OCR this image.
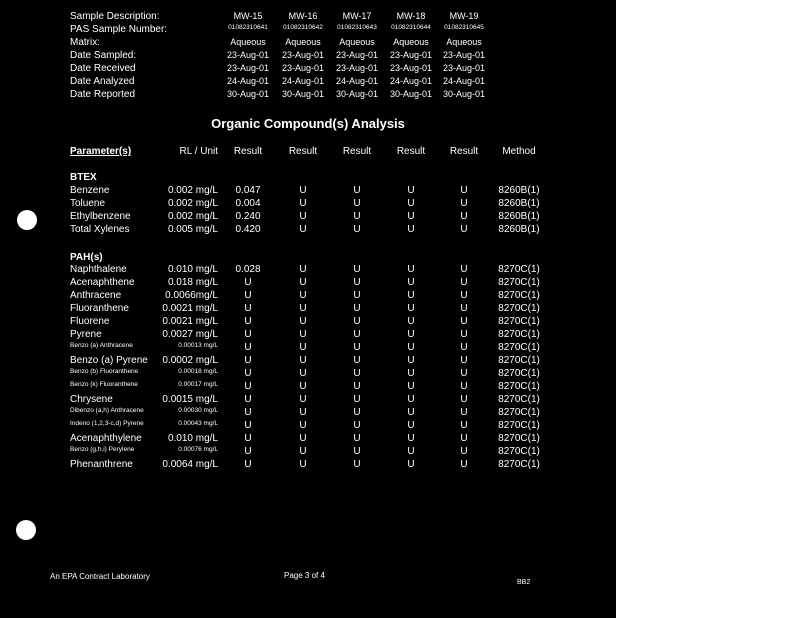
Sample Description:	MW-15	MW-16	MW-17	MW-18	MW-19
PAS Sample Number:	01082310641	01082310642	01082310643	01082310644	01082310645
Matrix:	Aqueous	Aqueous	Aqueous	Aqueous	Aqueous
Date Sampled:	23-Aug-01	23-Aug-01	23-Aug-01	23-Aug-01	23-Aug-01
Date Received	23-Aug-01	23-Aug-01	23-Aug-01	23-Aug-01	23-Aug-01
Date Analyzed	24-Aug-01	24-Aug-01	24-Aug-01	24-Aug-01	24-Aug-01
Date Reported	30-Aug-01	30-Aug-01	30-Aug-01	30-Aug-01	30-Aug-01
Organic Compound(s) Analysis
Parameter(s)	RL / Unit	Result	Result	Result	Result	Result	Method
BTEX
Benzene	0.002 mg/L	0.047	U	U	U	U	8260B(1)
Toluene	0.002 mg/L	0.004	U	U	U	U	8260B(1)
Ethylbenzene	0.002 mg/L	0.240	U	U	U	U	8260B(1)
Total Xylenes	0.005 mg/L	0.420	U	U	U	U	8260B(1)
PAH(s)
Naphthalene	0.010 mg/L	0.028	U	U	U	U	8270C(1)
Acenaphthene	0.018 mg/L	U	U	U	U	U	8270C(1)
Anthracene	0.0066mg/L	U	U	U	U	U	8270C(1)
Fluoranthene	0.0021 mg/L	U	U	U	U	U	8270C(1)
Fluorene	0.0021 mg/L	U	U	U	U	U	8270C(1)
Pyrene	0.0027 mg/L	U	U	U	U	U	8270C(1)
Benzo (a) Anthracene	0.00013 mg/L	U	U	U	U	U	8270C(1)
Benzo (a) Pyrene	0.0002 mg/L	U	U	U	U	U	8270C(1)
Benzo (b) Fluoranthene	0.00018 mg/L	U	U	U	U	U	8270C(1)
Benzo (k) Fluoranthene	0.00017 mg/L	U	U	U	U	U	8270C(1)
Chrysene	0.0015 mg/L	U	U	U	U	U	8270C(1)
Dibenzo (a,h) Anthracene	0.00030 mg/L	U	U	U	U	U	8270C(1)
Indeno (1,2,3-c,d) Pyrene	0.00043 mg/L	U	U	U	U	U	8270C(1)
Acenaphthylene	0.010 mg/L	U	U	U	U	U	8270C(1)
Benzo (g,h,i) Perylene	0.00076 mg/L	U	U	U	U	U	8270C(1)
Phenanthrene	0.0064 mg/L	U	U	U	U	U	8270C(1)
An EPA Contract Laboratory	Page 3 of 4
BB2
